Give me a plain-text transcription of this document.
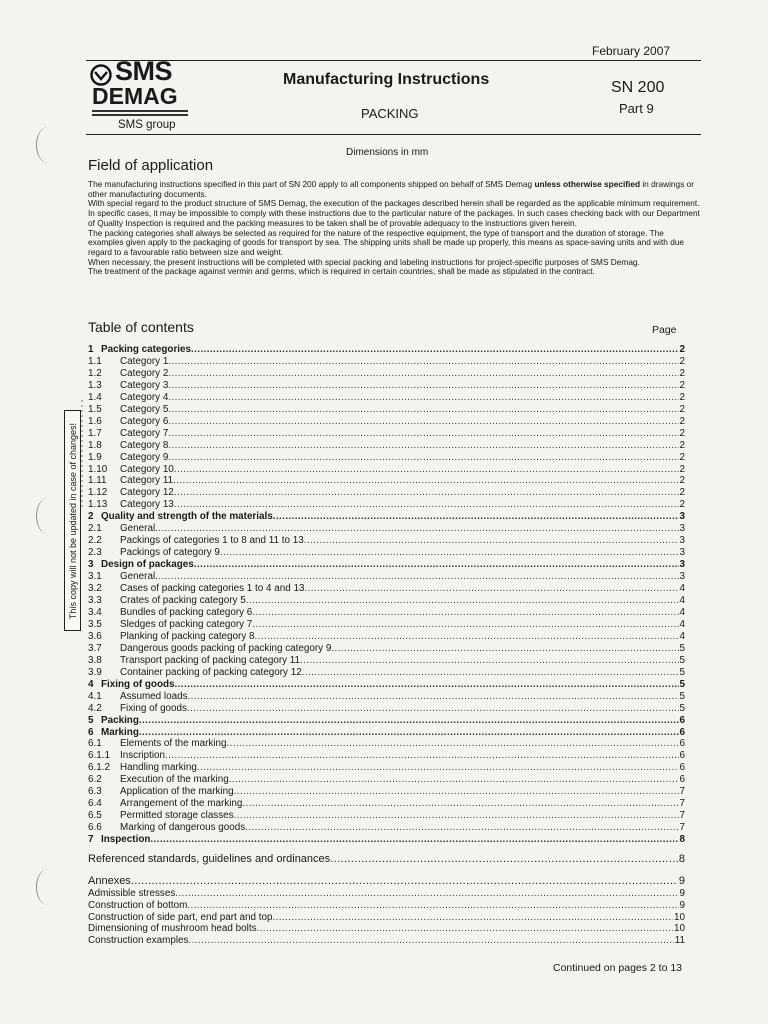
February 2007
SMS
DEMAG
SMS group
Manufacturing Instructions
PACKING
SN 200
Part 9
Dimensions in mm
Field of application

The manufacturing instructions specified in this part of SN 200 apply to all components shipped on behalf of SMS Demag unless otherwise specified in drawings or other manufacturing documents.

With special regard to the product structure of SMS Demag, the execution of the packages described herein shall be regarded as the applicable minimum requirement.

In specific cases, it may be impossible to comply with these instructions due to the particular nature of the packages. In such cases checking back with our Department of Quality Inspection is required and the packing measures to be taken shall be of provable adequacy to the instructions given herein.

The packing categories shall always be selected as required for the nature of the respective equipment, the type of transport and the duration of storage. The examples given apply to the packaging of goods for transport by sea. The shipping units shall be made up properly, this means as space-saving units and with due regard to a favourable ratio between size and weight.

When necessary, the present instructions will be completed with special packing and labeling instructions for project-specific purposes of SMS Demag.

The treatment of the package against vermin and germs, which is required in certain countries, shall be made as stipulated in the contract.

Table of contents	Page
1 Packing categories .....	2
1.1	Category 1 .....	2
1.2	Category 2 .....	2
1.3	Category 3 .....	2
1.4	Category 4 .....	2
1.5	Category 5 .....	2
1.6	Category 6 .....	2
1.7	Category 7 .....	2
1.8	Category 8 .....	2
1.9	Category 9 .....	2
1.10	Category 10 .....	2
1.11	Category 11 .....	2
1.12	Category 12 .....	2
1.13	Category 13 .....	2
2 Quality and strength of the materials .....	3
2.1	General .....	3
2.2	Packings of categories 1 to 8 and 11 to 13 .....	3
2.3	Packings of category 9 .....	3
3 Design of packages .....	3
3.1	General .....	3
3.2	Cases of packing categories 1 to 4 and 13 .....	4
3.3	Crates of packing category 5 .....	4
3.4	Bundles of packing category 6 .....	4
3.5	Sledges of packing category 7 .....	4
3.6	Planking of packing category 8 .....	4
3.7	Dangerous goods packing of packing category 9 .....	5
3.8	Transport packing of packing category 11 .....	5
3.9	Container packing of packing category 12 .....	5
4 Fixing of goods .....	5
4.1	Assumed loads .....	5
4.2	Fixing of goods .....	5
5 Packing .....	6
6 Marking .....	6
6.1	Elements of the marking .....	6
6.1.1	Inscription .....	6
6.1.2	Handling marking .....	6
6.2	Execution of the marking .....	6
6.3	Application of the marking .....	7
6.4	Arrangement of the marking .....	7
6.5	Permitted storage classes .....	7
6.6	Marking of dangerous goods .....	7
7 Inspection .....	8
Referenced standards, guidelines and ordinances .....	8
Annexes .....	9
Admissible stresses .....	9
Construction of bottom .....	9
Construction of side part, end part and top .....	10
Dimensioning of mushroom head bolts .....	10
Construction examples .....	11
Continued on pages 2 to 13
This copy will not be updated in case of changes!
